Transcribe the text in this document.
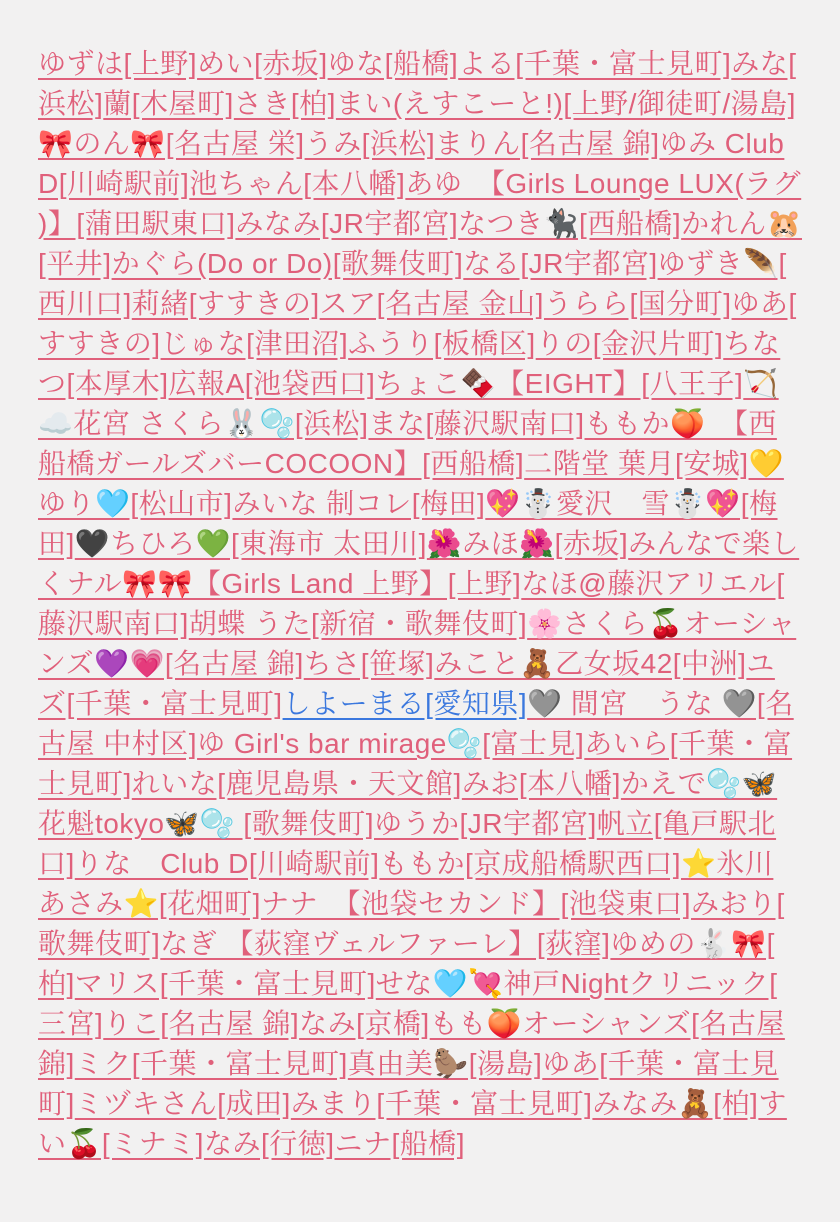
ゆずは[上野]めい[赤坂]ゆな[船橋]よる[千葉・富士見町]みな[浜松]蘭[木屋町]さき[柏]まい(えすこーと!)[上野/御徒町/湯島]🎀のん🎀[名古屋 栄]うみ[浜松]まりん[名古屋 錦]ゆみ Club D[川崎駅前]池ちゃん[本八幡]あゆ　【Girls Lounge LUX(ラグ)】[蒲田駅東口]みなみ[JR宇都宮]なつき🐈‍⬛[西船橋]かれん🐹[平井]かぐら(Do or Do)[歌舞伎町]なる[JR宇都宮]ゆずき🪶[西川口]莉緒[すすきの]スア[名古屋 金山]うらら[国分町]ゆあ[すすきの]じゅな[津田沼]ふうり[板橋区]りの[金沢片町]ちなつ[本厚木]広報A[池袋西口]ちょこ🍫【EIGHT】[八王子]🏹☁️花宮 さくら🐰🫧[浜松]まな[藤沢駅南口]ももか🍑　【西船橋ガールズバーCOCOON】[西船橋]二階堂 葉月[安城]💛ゆり🩵[松山市]みいな 制コレ[梅田]💖☃️愛沢　雪☃️💖[梅田]🖤ちひろ💚[東海市 太田川]🌺みほ🌺[赤坂]みんなで楽しくナル🎀🎀【Girls Land 上野】[上野]なほ@藤沢アリエル[藤沢駅南口]胡蝶 うた[新宿・歌舞伎町]🌸さくら🍒オーシャンズ💜💗[名古屋 錦]ちさ[笹塚]みこと🧸乙女坂42[中洲]ユズ[千葉・富士見町]しよーまる[愛知県]🩶 間宮　うな 🩶[名古屋 中村区]ゆ Girl's bar mirage🫧[富士見]あいら[千葉・富士見町]れいな[鹿児島県・天文館]みお[本八幡]かえで🫧🦋花魁tokyo🦋🫧 [歌舞伎町]ゆうか[JR宇都宮]帆立[亀戸駅北口]りな　Club D[川崎駅前]ももか[京成船橋駅西口]⭐氷川 あさみ⭐[花畑町]ナナ　【池袋セカンド】[池袋東口]みおり[歌舞伎町]なぎ 【荻窪ヴェルファーレ】[荻窪]ゆめの🐇🎀[柏]マリス[千葉・富士見町]せな🩵💘神戸Nightクリニック[三宮]りこ[名古屋 錦]なみ[京橋]もも🍑オーシャンズ[名古屋 錦]ミク[千葉・富士見町]真由美🦫[湯島]ゆあ[千葉・富士見町]ミヅキさん[成田]みまり[千葉・富士見町]みなみ🧸[柏]すい🍒[ミナミ]なみ[行徳]ニナ[船橋]
